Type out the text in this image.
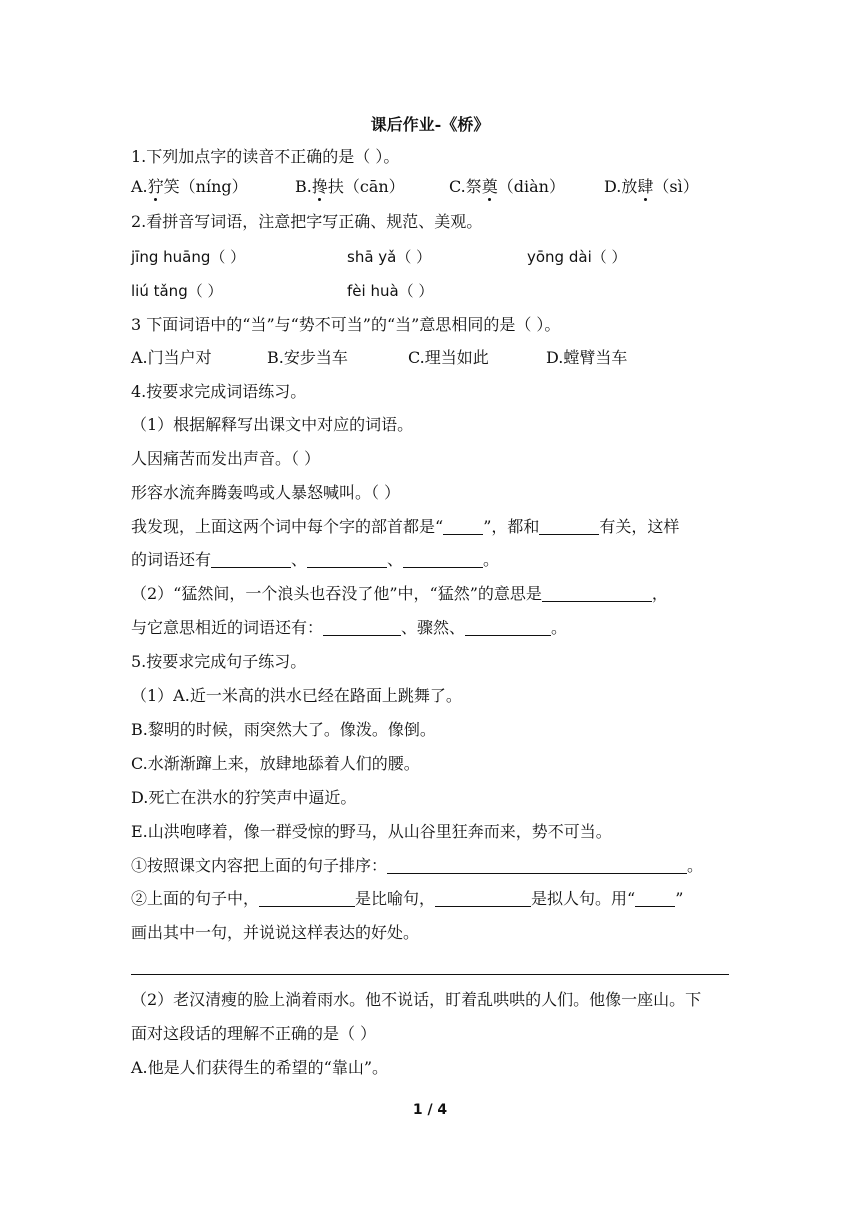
课后作业-《桥》
1.下列加点字的读音不正确的是（ ）。
A.狞笑（níng）	B.搀扶（cān）	C.祭奠（diàn） D.放肆（sì）
2.看拼音写词语，注意把字写正确、规范、美观。
jīng huāng（ ）	shā yǎ（ ）	yōng dài（ ）
liú tǎng（ ）	fèi huà（ ）
3 下面词语中的“当”与“势不可当”的“当”意思相同的是（ ）。
A.门当户对	B.安步当车	C.理当如此	D.螳臂当车
4.按要求完成词语练习。
（1）根据解释写出课文中对应的词语。
人因痛苦而发出声音。（ ）
形容水流奔腾轰鸣或人暴怒喊叫。（ ）
我发现，上面这两个词中每个字的部首都是“	”，都和	有关，这样
的词语还有	、	、	。
（2）“猛然间，一个浪头也吞没了他”中，“猛然”的意思是	，
与它意思相近的词语还有：	、骤然、	。
5.按要求完成句子练习。
（1）A.近一米高的洪水已经在路面上跳舞了。
B.黎明的时候，雨突然大了。像泼。像倒。
C.水渐渐蹿上来，放肆地舔着人们的腰。
D.死亡在洪水的狞笑声中逼近。
E.山洪咆哮着，像一群受惊的野马，从山谷里狂奔而来，势不可当。
①按照课文内容把上面的句子排序：	。
②上面的句子中，	是比喻句，	是拟人句。用“	”
画出其中一句，并说说这样表达的好处。
（2）老汉清瘦的脸上淌着雨水。他不说话，盯着乱哄哄的人们。他像一座山。下
面对这段话的理解不正确的是（ ）
A.他是人们获得生的希望的“靠山”。
1 / 4
